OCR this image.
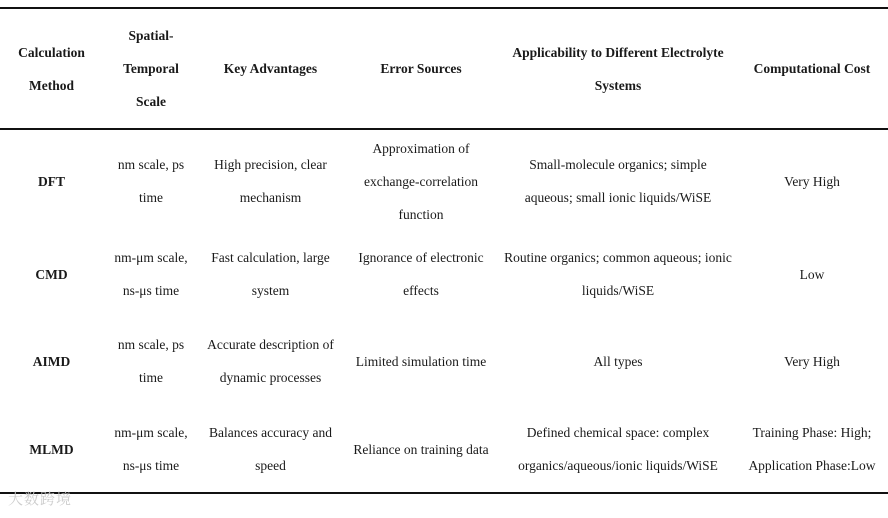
Calculation Method	Spatial-Temporal Scale	Key Advantages	Error Sources	Applicability to Different Electrolyte Systems	Computational Cost
DFT	nm scale, ps time	High precision, clear mechanism	Approximation of exchange-correlation function	Small-molecule organics; simple aqueous; small ionic liquids/WiSE	Very High
CMD	nm-μm scale, ns-μs time	Fast calculation, large system	Ignorance of electronic effects	Routine organics; common aqueous; ionic liquids/WiSE	Low
AIMD	nm scale, ps time	Accurate description of dynamic processes	Limited simulation time	All types	Very High
MLMD	nm-μm scale, ns-μs time	Balances accuracy and speed	Reliance on training data	Defined chemical space: complex organics/aqueous/ionic liquids/WiSE	Training Phase: High; Application Phase:Low
大数跨境
